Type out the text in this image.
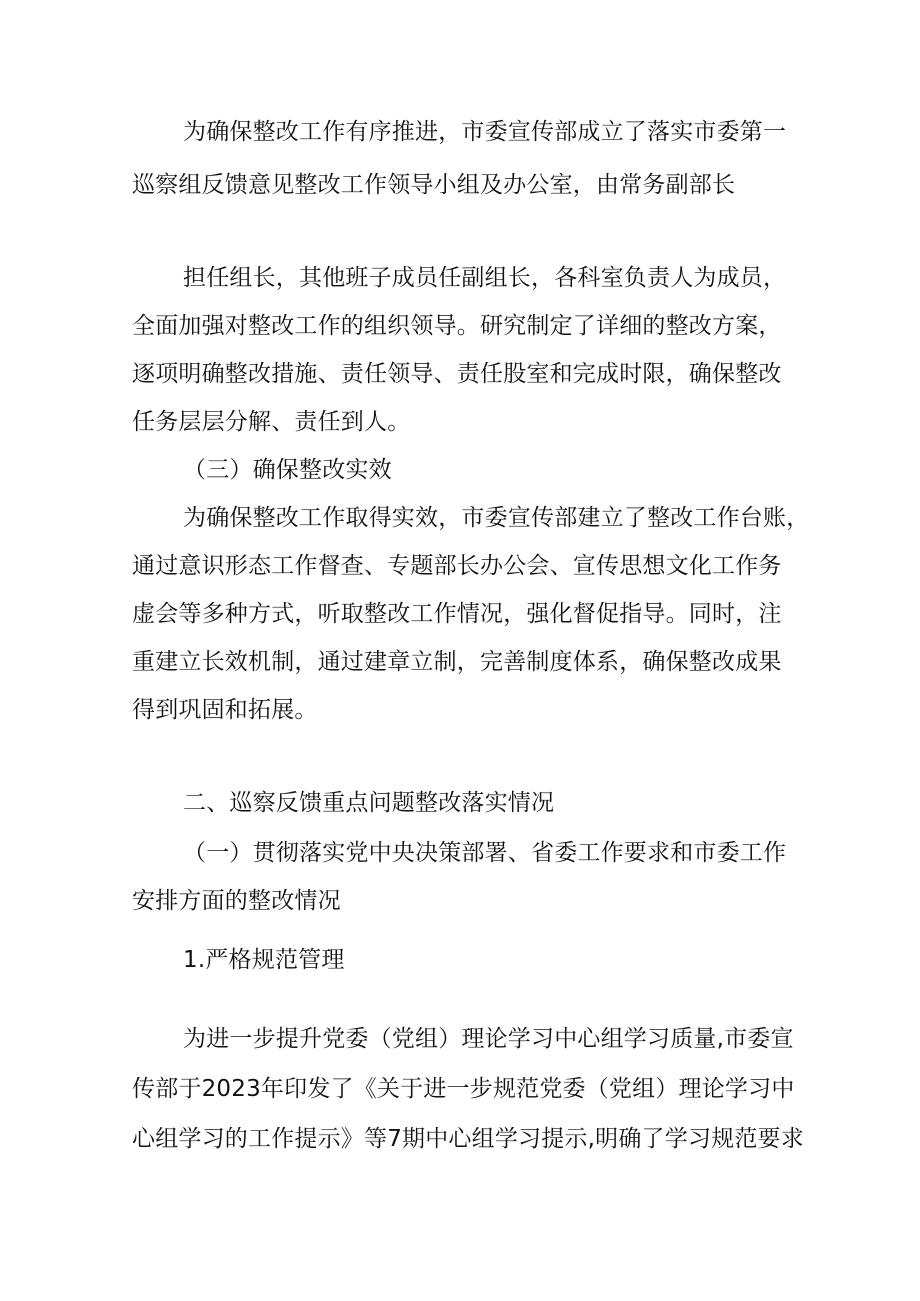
为确保整改工作有序推进，市委宣传部成立了落实市委第一
巡察组反馈意见整改工作领导小组及办公室，由常务副部长
担任组长，其他班子成员任副组长，各科室负责人为成员，
全面加强对整改工作的组织领导。研究制定了详细的整改方案，
逐项明确整改措施、责任领导、责任股室和完成时限，确保整改
任务层层分解、责任到人。
（三）确保整改实效
为确保整改工作取得实效，市委宣传部建立了整改工作台账，
通过意识形态工作督查、专题部长办公会、宣传思想文化工作务
虚会等多种方式，听取整改工作情况，强化督促指导。同时，注
重建立长效机制，通过建章立制，完善制度体系，确保整改成果
得到巩固和拓展。
二、巡察反馈重点问题整改落实情况
（一）贯彻落实党中央决策部署、省委工作要求和市委工作
安排方面的整改情况
1.严格规范管理
为进一步提升党委（党组）理论学习中心组学习质量,市委宣
传部于2023年印发了《关于进一步规范党委（党组）理论学习中
心组学习的工作提示》等7期中心组学习提示,明确了学习规范要求
